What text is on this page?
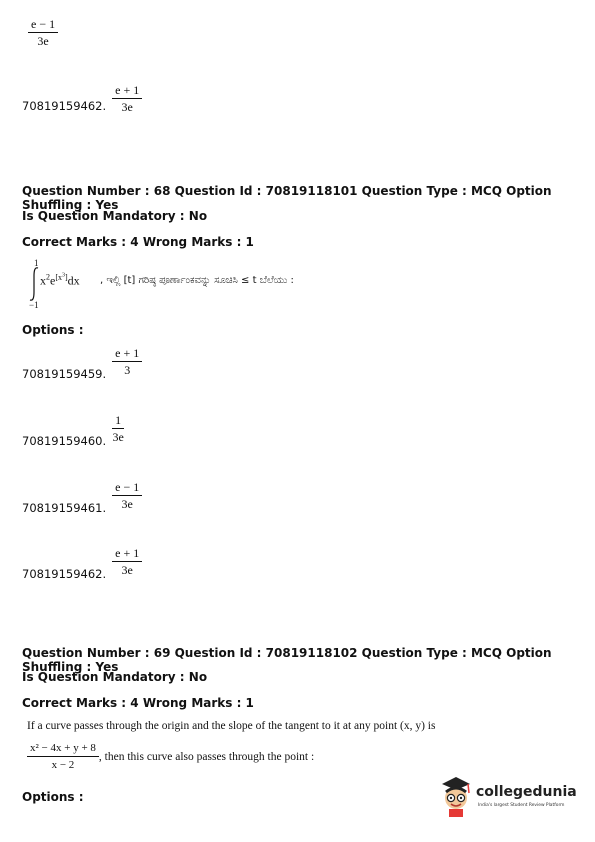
$\frac{e - 1}{3e}$
70819159462. $\frac{e + 1}{3e}$
Question Number : 68 Question Id : 70819118101 Question Type : MCQ Option Shuffling : Yes
Is Question Mandatory : No
Correct Marks : 4 Wrong Marks : 1
1
−1
$x^2e[x3]dx$ , ಇಲ್ಲಿ [t] ಗರಿಷ್ಠ ಪೂರ್ಣಾಂಕವನ್ನು ಸೂಚಿಸಿ ≤ t ಬೆಲೆಯು :
Options :
70819159459. $\frac{e + 1}{3}$
70819159460. $\frac{1}{3e}$
70819159461. $\frac{e - 1}{3e}$
70819159462. $\frac{e + 1}{3e}$
Question Number : 69 Question Id : 70819118102 Question Type : MCQ Option Shuffling : Yes
Is Question Mandatory : No
Correct Marks : 4 Wrong Marks : 1
If a curve passes through the origin and the slope of the tangent to it at any point (x, y) is
$\frac{\text{x² − 4x + y + 8}}{x - 2}$ , then this curve also passes through the point :
Options :	collegedunia
India's largest Student Review Platform
